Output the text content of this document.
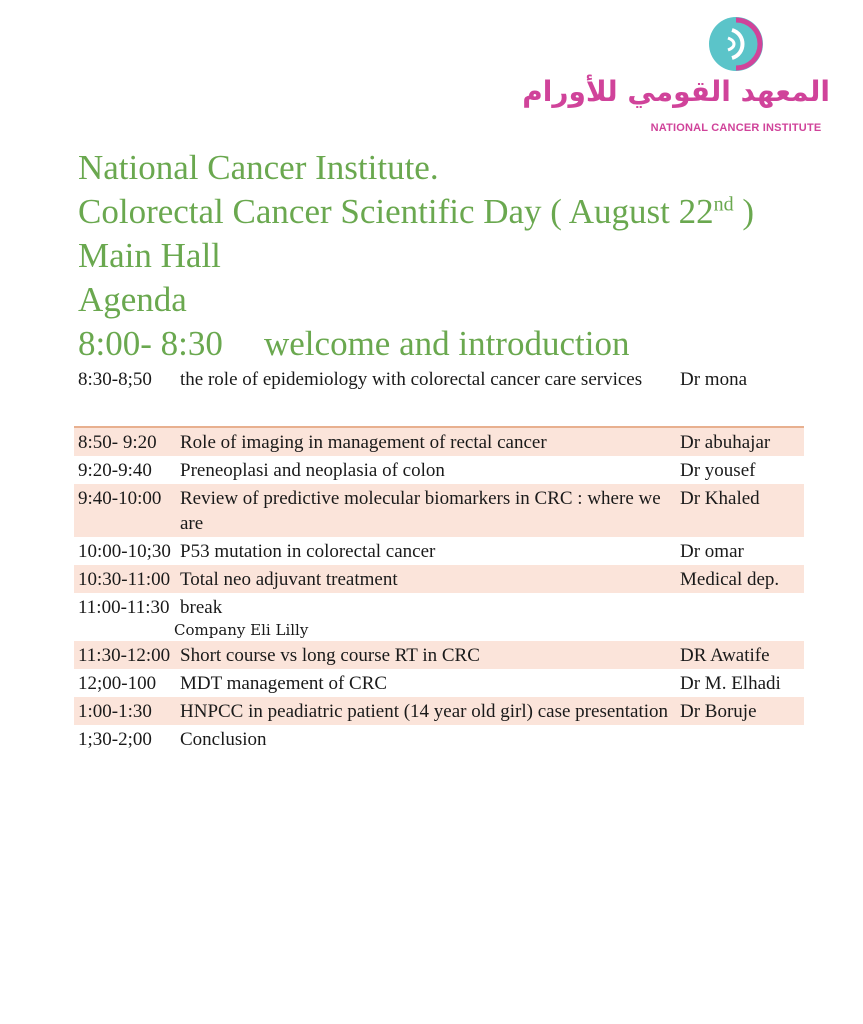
المعهد القومي للأورام
NATIONAL CANCER INSTITUTE
National Cancer Institute.
Colorectal Cancer Scientific Day ( August 22nd )
Main Hall
Agenda
8:00- 8:30 welcome and introduction
8:30-8;50	the role of epidemiology with colorectal cancer care services	Dr mona

8:50- 9:20	Role of imaging in management of rectal cancer	Dr abuhajar
9:20-9:40	Preneoplasi and neoplasia of colon	Dr yousef
9:40-10:00	Review of predictive molecular biomarkers in CRC : where we are	Dr Khaled
10:00-10;30	P53 mutation in colorectal cancer	Dr omar
10:30-11:00	Total neo adjuvant treatment	Medical dep.
11:00-11:30	break
Company Eli Lilly	

11:30-12:00	Short course vs long course RT in CRC	DR Awatife
12;00-100	MDT management of CRC	Dr M. Elhadi
1:00-1:30	HNPCC in peadiatric patient (14 year old girl) case presentation	Dr Boruje
1;30-2;00	Conclusion	
